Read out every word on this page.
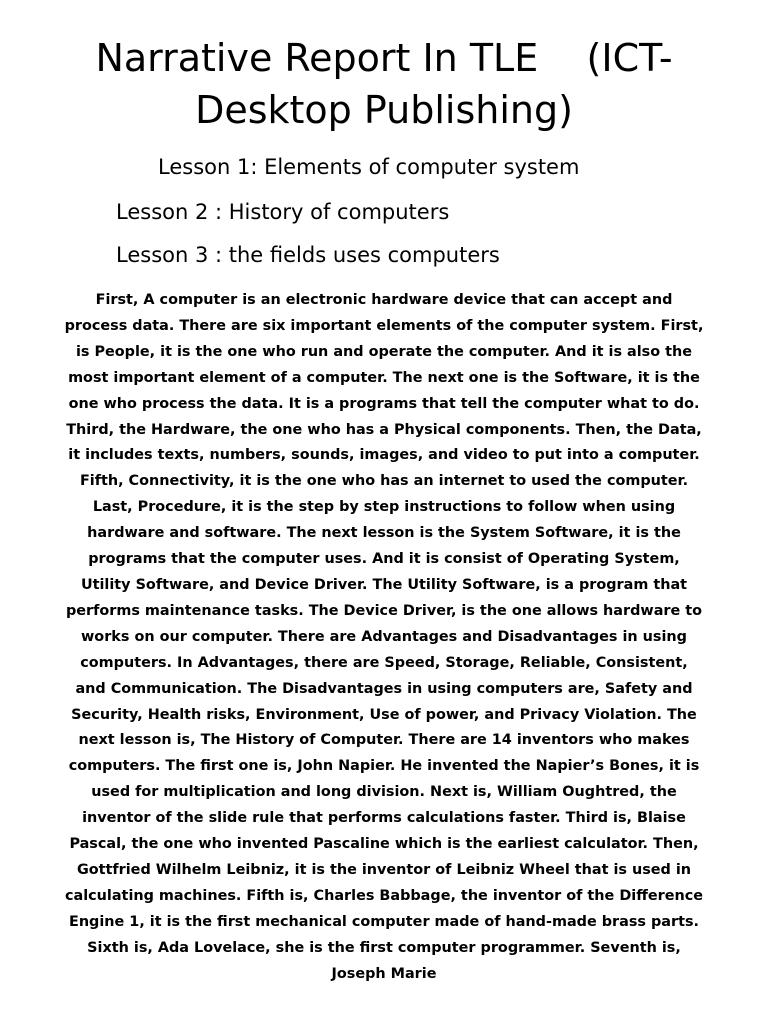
Narrative Report In TLE    (ICT-
Desktop Publishing)

Lesson 1: Elements of computer system

Lesson 2 : History of computers

Lesson 3 : the fields uses computers

First, A computer is an electronic hardware device that can accept and process data. There are six important elements of the computer system. First, is People, it is the one who run and operate the computer. And it is also the most important element of a computer. The next one is the Software, it is the one who process the data. It is a programs that tell the computer what to do. Third, the Hardware, the one who has a Physical components. Then, the Data, it includes texts, numbers, sounds, images, and video to put into a computer. Fifth, Connectivity, it is the one who has an internet to used the computer. Last, Procedure, it is the step by step instructions to follow when using hardware and software. The next lesson is the System Software, it is the programs that the computer uses. And it is consist of Operating System, Utility Software, and Device Driver. The Utility Software, is a program that performs maintenance tasks. The Device Driver, is the one allows hardware to works on our computer. There are Advantages and Disadvantages in using computers. In Advantages, there are Speed, Storage, Reliable, Consistent, and Communication. The Disadvantages in using computers are, Safety and Security, Health risks, Environment, Use of power, and Privacy Violation. The next lesson is, The History of Computer. There are 14 inventors who makes computers. The first one is, John Napier. He invented the Napier’s Bones, it is used for multiplication and long division. Next is, William Oughtred, the inventor of the slide rule that performs calculations faster. Third is, Blaise Pascal, the one who invented Pascaline which is the earliest calculator. Then, Gottfried Wilhelm Leibniz, it is the inventor of Leibniz Wheel that is used in calculating machines. Fifth is, Charles Babbage, the inventor of the Difference Engine 1, it is the first mechanical computer made of hand-made brass parts. Sixth is, Ada Lovelace, she is the first computer programmer. Seventh is, Joseph Marie
